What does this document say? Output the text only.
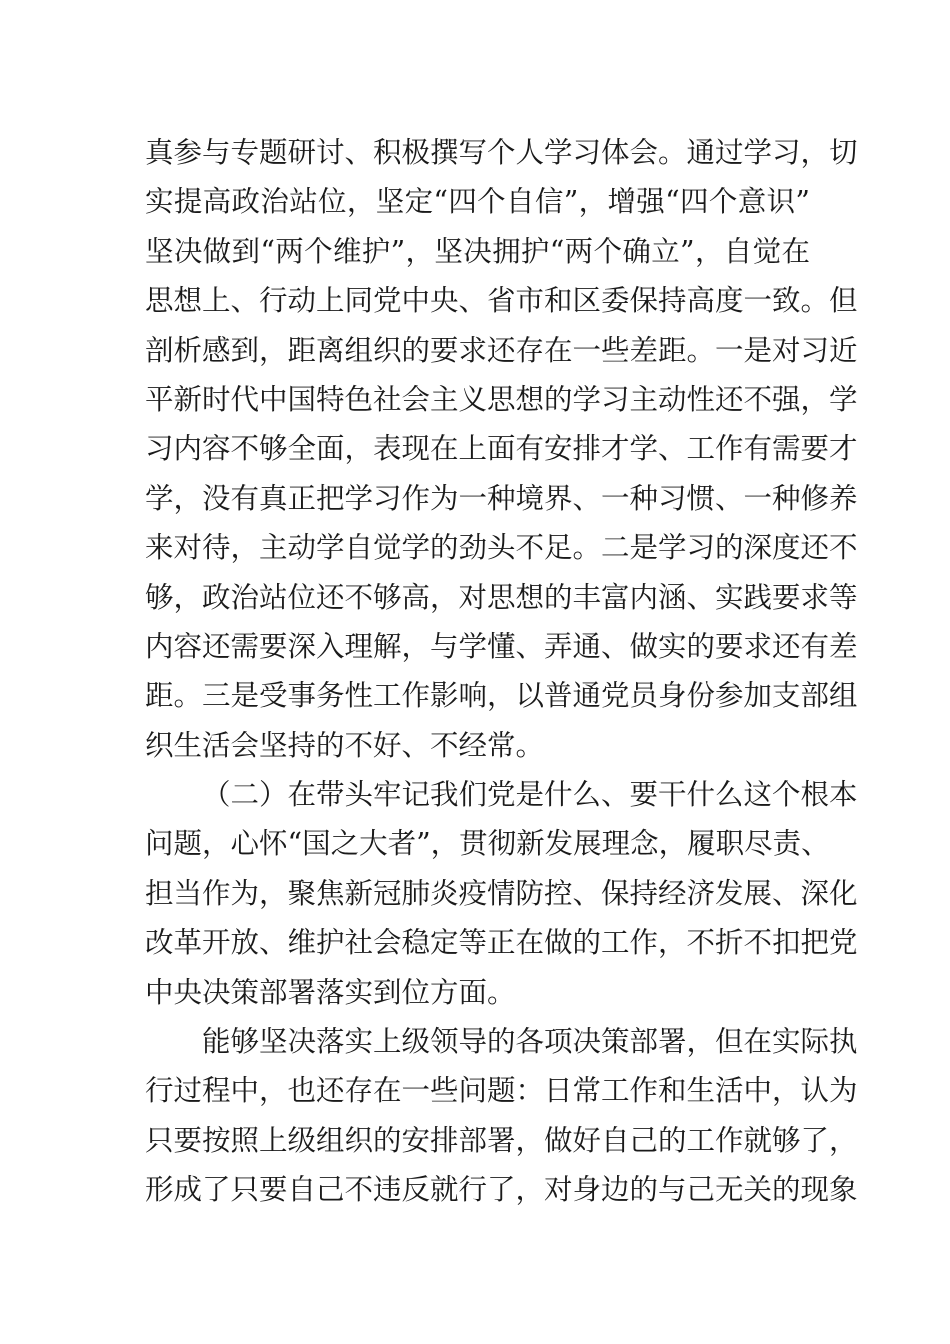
真参与专题研讨、积极撰写个人学习体会。通过学习，切
实提高政治站位，坚定“四个自信”，增强“四个意识”
坚决做到“两个维护”，坚决拥护“两个确立”，自觉在
思想上、行动上同党中央、省市和区委保持高度一致。但
剖析感到，距离组织的要求还存在一些差距。一是对习近
平新时代中国特色社会主义思想的学习主动性还不强，学
习内容不够全面，表现在上面有安排才学、工作有需要才
学，没有真正把学习作为一种境界、一种习惯、一种修养
来对待，主动学自觉学的劲头不足。二是学习的深度还不
够，政治站位还不够高，对思想的丰富内涵、实践要求等
内容还需要深入理解，与学懂、弄通、做实的要求还有差
距。三是受事务性工作影响，以普通党员身份参加支部组
织生活会坚持的不好、不经常。
（二）在带头牢记我们党是什么、要干什么这个根本
问题，心怀“国之大者”，贯彻新发展理念，履职尽责、
担当作为，聚焦新冠肺炎疫情防控、保持经济发展、深化
改革开放、维护社会稳定等正在做的工作，不折不扣把党
中央决策部署落实到位方面。
能够坚决落实上级领导的各项决策部署，但在实际执
行过程中，也还存在一些问题：日常工作和生活中，认为
只要按照上级组织的安排部署，做好自己的工作就够了，
形成了只要自己不违反就行了，对身边的与己无关的现象
